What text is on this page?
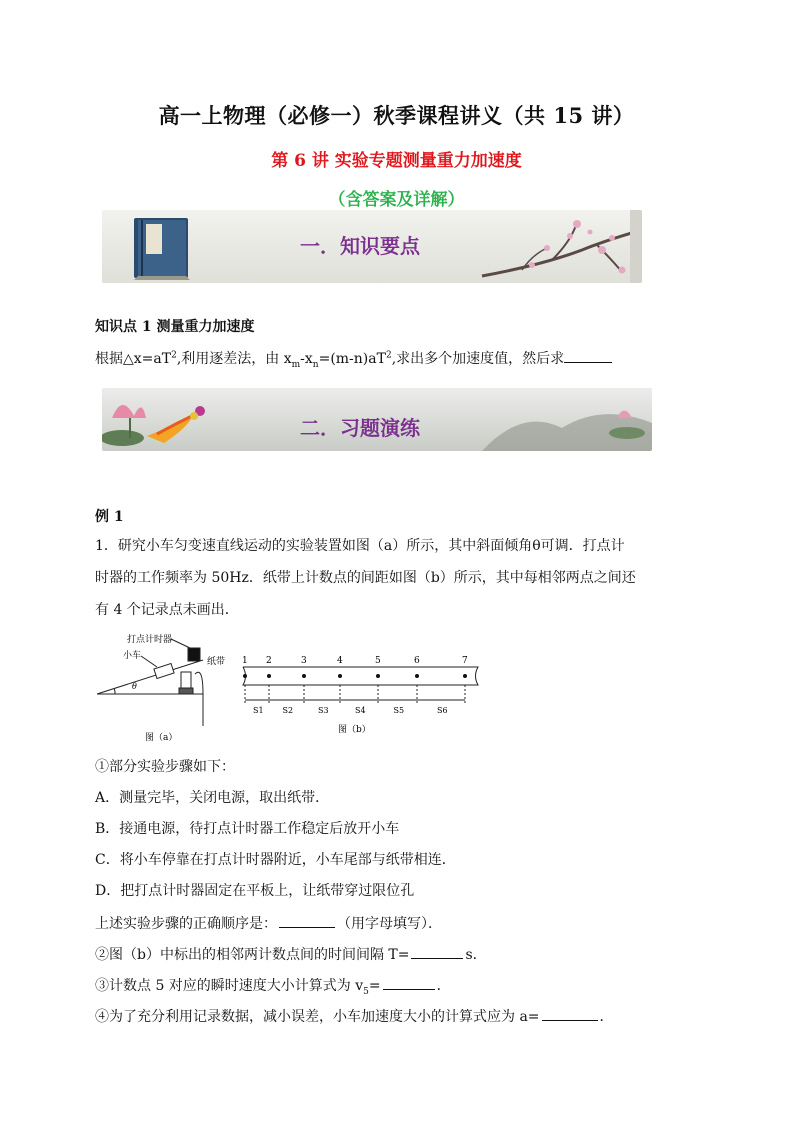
高一上物理（必修一）秋季课程讲义（共 15 讲）
第 6 讲 实验专题测量重力加速度
（含答案及详解）
一．知识要点
知识点 1 测量重力加速度
根据$\triangle x=aT^2$,利用逐差法，由 $x_m-x_n=(m-n)aT^2$,求出多个加速度值，然后求
二．习题演练
例 1
1．研究小车匀变速直线运动的实验装置如图（a）所示，其中斜面倾角θ可调．打点计
时器的工作频率为 50Hz．纸带上计数点的间距如图（b）所示，其中每相邻两点之间还
有 4 个记录点未画出．
打点计时器
小车
纸带
θ
图（a）
1 2	3	4	5	6	7
S1 S2	S3	S4	S5	S6
图（b）
①部分实验步骤如下：
A．测量完毕，关闭电源，取出纸带．
B．接通电源，待打点计时器工作稳定后放开小车
C．将小车停靠在打点计时器附近，小车尾部与纸带相连．
D．把打点计时器固定在平板上，让纸带穿过限位孔
上述实验步骤的正确顺序是：	（用字母填写）．
②图（b）中标出的相邻两计数点间的时间间隔 T=	s．
③计数点 5 对应的瞬时速度大小计算式为 $v_5=$	．
④为了充分利用记录数据，减小误差，小车加速度大小的计算式应为 a=	．
